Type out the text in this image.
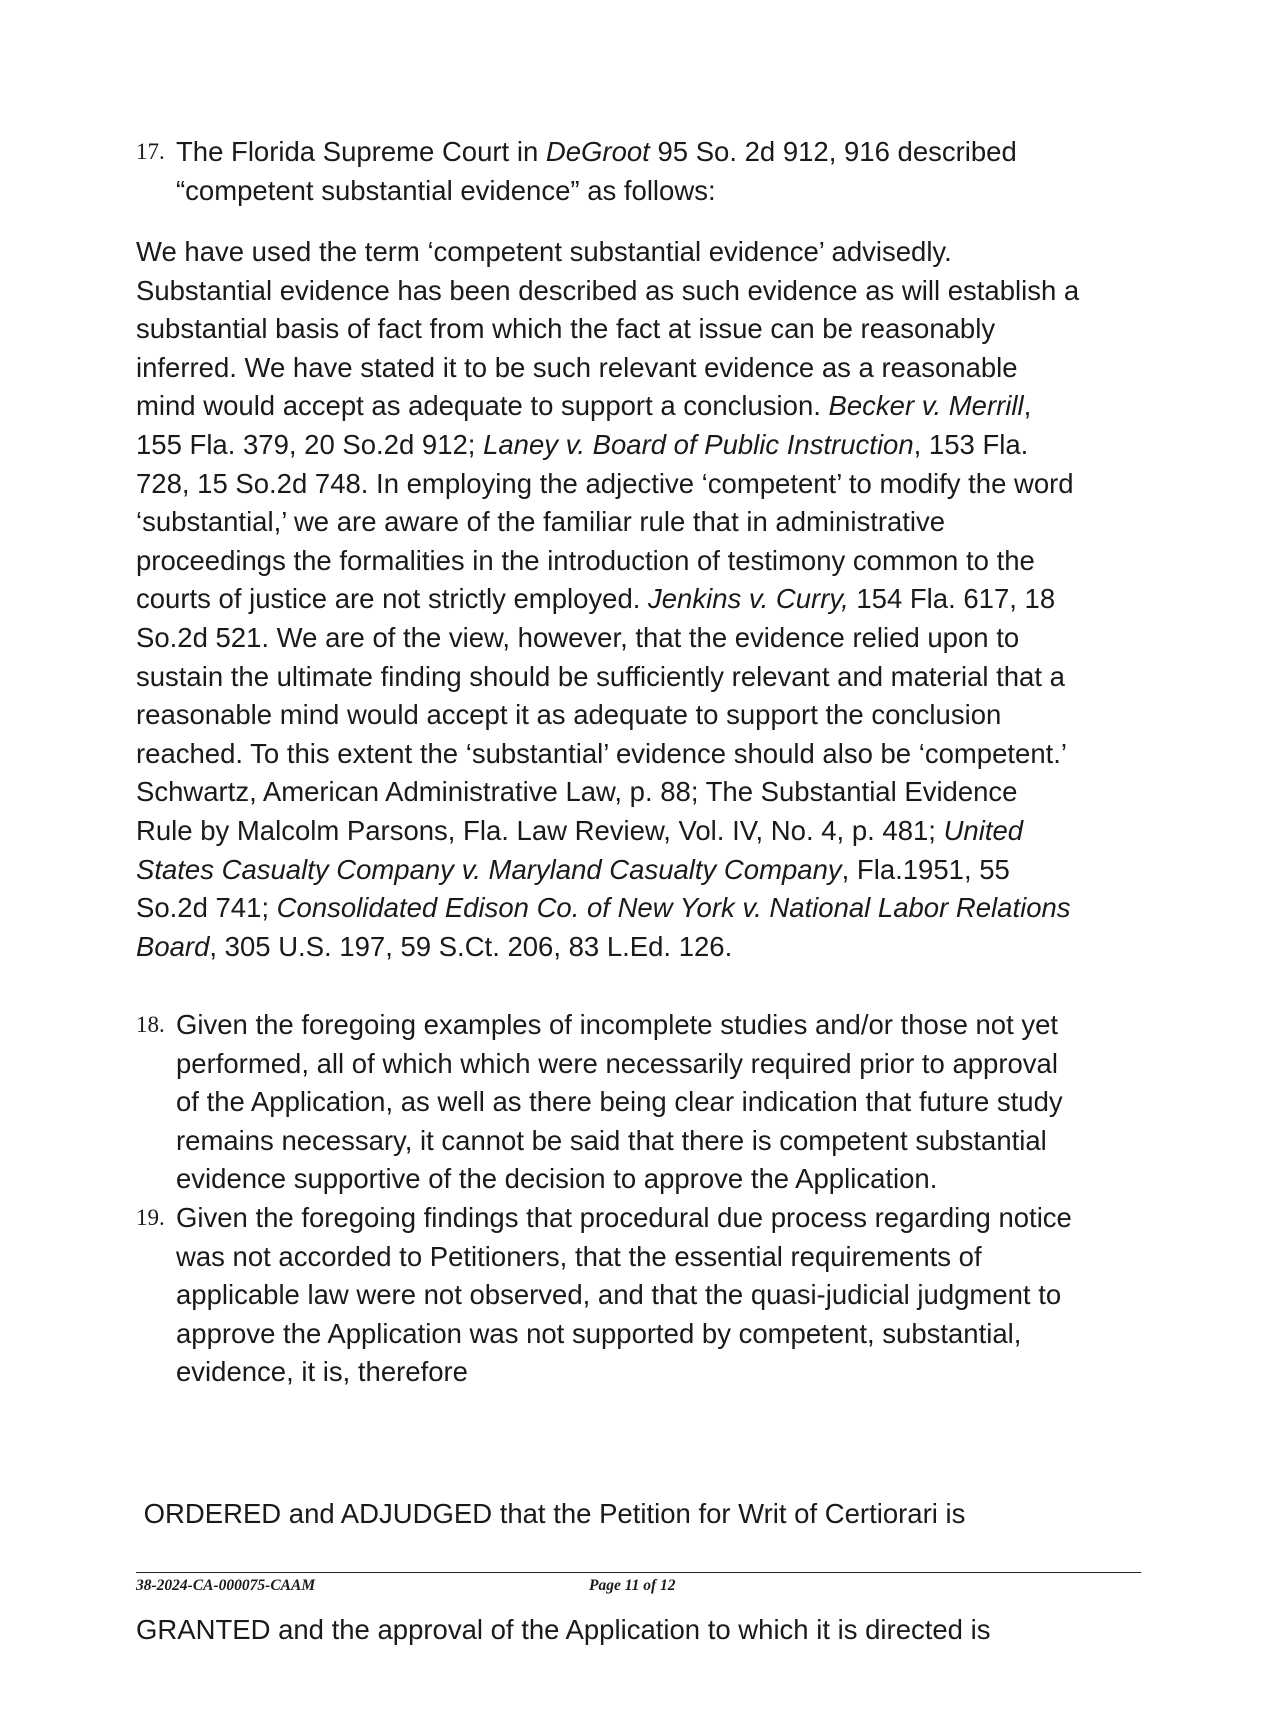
17. The Florida Supreme Court in DeGroot 95 So. 2d 912, 916 described
“competent substantial evidence” as follows:
We have used the term ‘competent substantial evidence’ advisedly.
Substantial evidence has been described as such evidence as will establish a
substantial basis of fact from which the fact at issue can be reasonably
inferred. We have stated it to be such relevant evidence as a reasonable
mind would accept as adequate to support a conclusion. Becker v. Merrill,
155 Fla. 379, 20 So.2d 912; Laney v. Board of Public Instruction, 153 Fla.
728, 15 So.2d 748. In employing the adjective ‘competent’ to modify the word
‘substantial,’ we are aware of the familiar rule that in administrative
proceedings the formalities in the introduction of testimony common to the
courts of justice are not strictly employed. Jenkins v. Curry, 154 Fla. 617, 18
So.2d 521. We are of the view, however, that the evidence relied upon to
sustain the ultimate finding should be sufficiently relevant and material that a
reasonable mind would accept it as adequate to support the conclusion
reached. To this extent the ‘substantial’ evidence should also be ‘competent.’
Schwartz, American Administrative Law, p. 88; The Substantial Evidence
Rule by Malcolm Parsons, Fla. Law Review, Vol. IV, No. 4, p. 481; United
States Casualty Company v. Maryland Casualty Company, Fla.1951, 55
So.2d 741; Consolidated Edison Co. of New York v. National Labor Relations
Board, 305 U.S. 197, 59 S.Ct. 206, 83 L.Ed. 126.
18. Given the foregoing examples of incomplete studies and/or those not yet
performed, all of which which were necessarily required prior to approval
of the Application, as well as there being clear indication that future study
remains necessary, it cannot be said that there is competent substantial
evidence supportive of the decision to approve the Application.
19. Given the foregoing findings that procedural due process regarding notice
was not accorded to Petitioners, that the essential requirements of
applicable law were not observed, and that the quasi-judicial judgment to
approve the Application was not supported by competent, substantial,
evidence, it is, therefore

ORDERED and ADJUDGED that the Petition for Writ of Certiorari is

GRANTED and the approval of the Application to which it is directed is

38-2024-CA-000075-CAAM	Page 11 of 12
